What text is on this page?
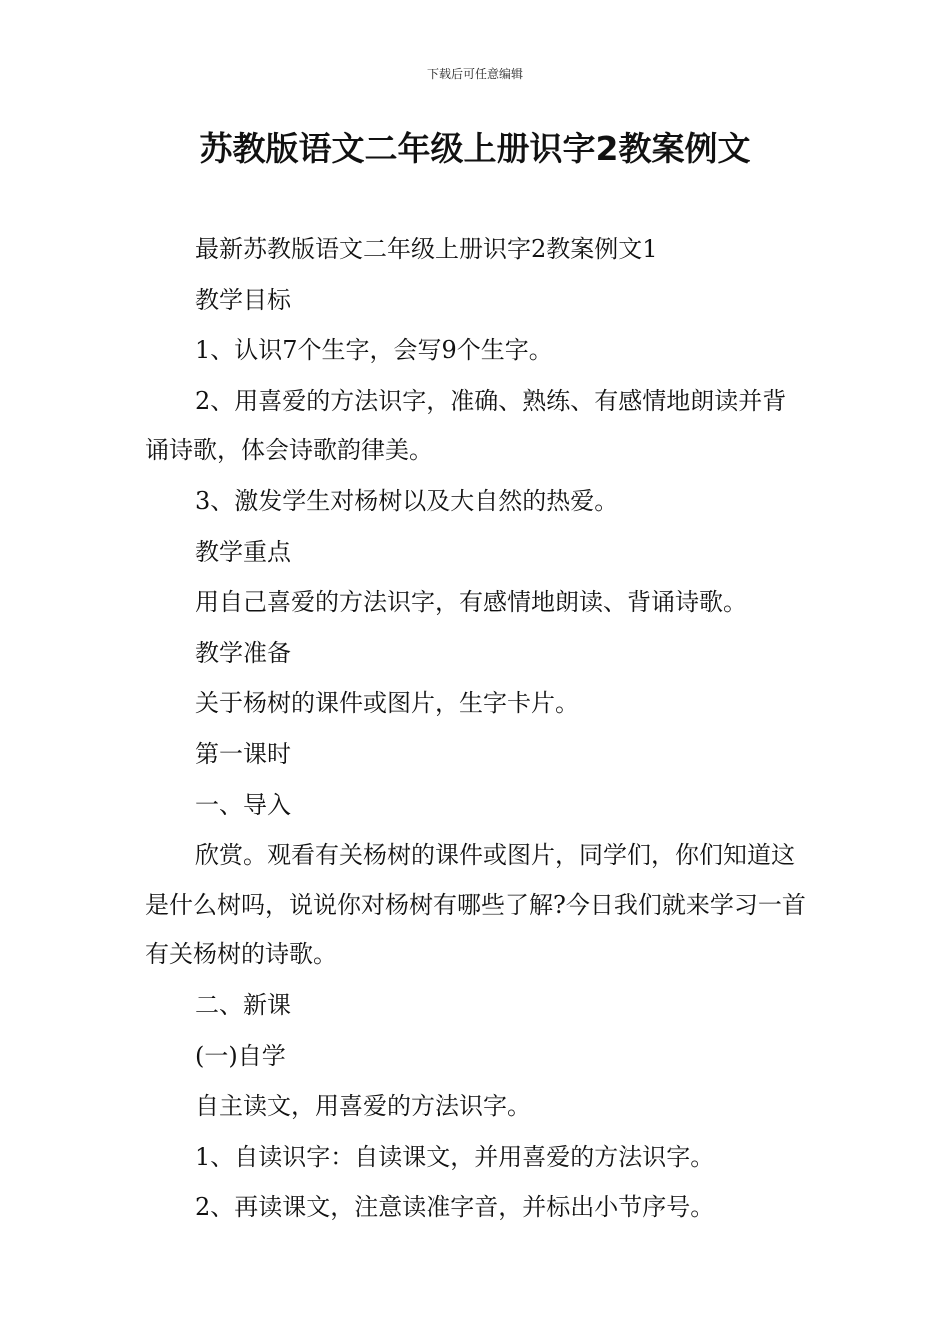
下载后可任意编辑
苏教版语文二年级上册识字2教案例文

最新苏教版语文二年级上册识字2教案例文1

教学目标

1、认识7个生字，会写9个生字。

2、用喜爱的方法识字，准确、熟练、有感情地朗读并背诵诗歌，体会诗歌韵律美。

3、激发学生对杨树以及大自然的热爱。

教学重点

用自己喜爱的方法识字，有感情地朗读、背诵诗歌。

教学准备

关于杨树的课件或图片，生字卡片。

第一课时

一、导入

欣赏。观看有关杨树的课件或图片，同学们，你们知道这是什么树吗，说说你对杨树有哪些了解?今日我们就来学习一首有关杨树的诗歌。

二、新课

(一)自学

自主读文，用喜爱的方法识字。

1、自读识字：自读课文，并用喜爱的方法识字。

2、再读课文，注意读准字音，并标出小节序号。
